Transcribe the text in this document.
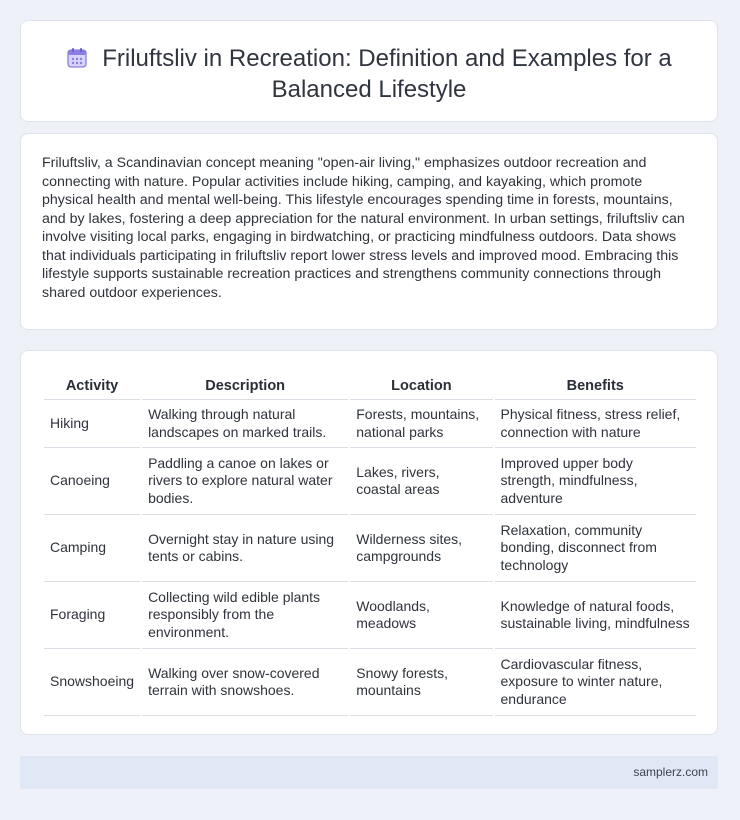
Friluftsliv in Recreation: Definition and Examples for a Balanced Lifestyle

Friluftsliv, a Scandinavian concept meaning "open-air living," emphasizes outdoor recreation and connecting with nature. Popular activities include hiking, camping, and kayaking, which promote physical health and mental well-being. This lifestyle encourages spending time in forests, mountains, and by lakes, fostering a deep appreciation for the natural environment. In urban settings, friluftsliv can involve visiting local parks, engaging in birdwatching, or practicing mindfulness outdoors. Data shows that individuals participating in friluftsliv report lower stress levels and improved mood. Embracing this lifestyle supports sustainable recreation practices and strengthens community connections through shared outdoor experiences.

Activity	Description	Location	Benefits
Hiking	Walking through natural landscapes on marked trails.	Forests, mountains, national parks	Physical fitness, stress relief, connection with nature
Canoeing	Paddling a canoe on lakes or rivers to explore natural water bodies.	Lakes, rivers, coastal areas	Improved upper body strength, mindfulness, adventure
Camping	Overnight stay in nature using tents or cabins.	Wilderness sites, campgrounds	Relaxation, community bonding, disconnect from technology
Foraging	Collecting wild edible plants responsibly from the environment.	Woodlands, meadows	Knowledge of natural foods, sustainable living, mindfulness
Snowshoeing	Walking over snow-covered terrain with snowshoes.	Snowy forests, mountains	Cardiovascular fitness, exposure to winter nature, endurance
samplerz.com
